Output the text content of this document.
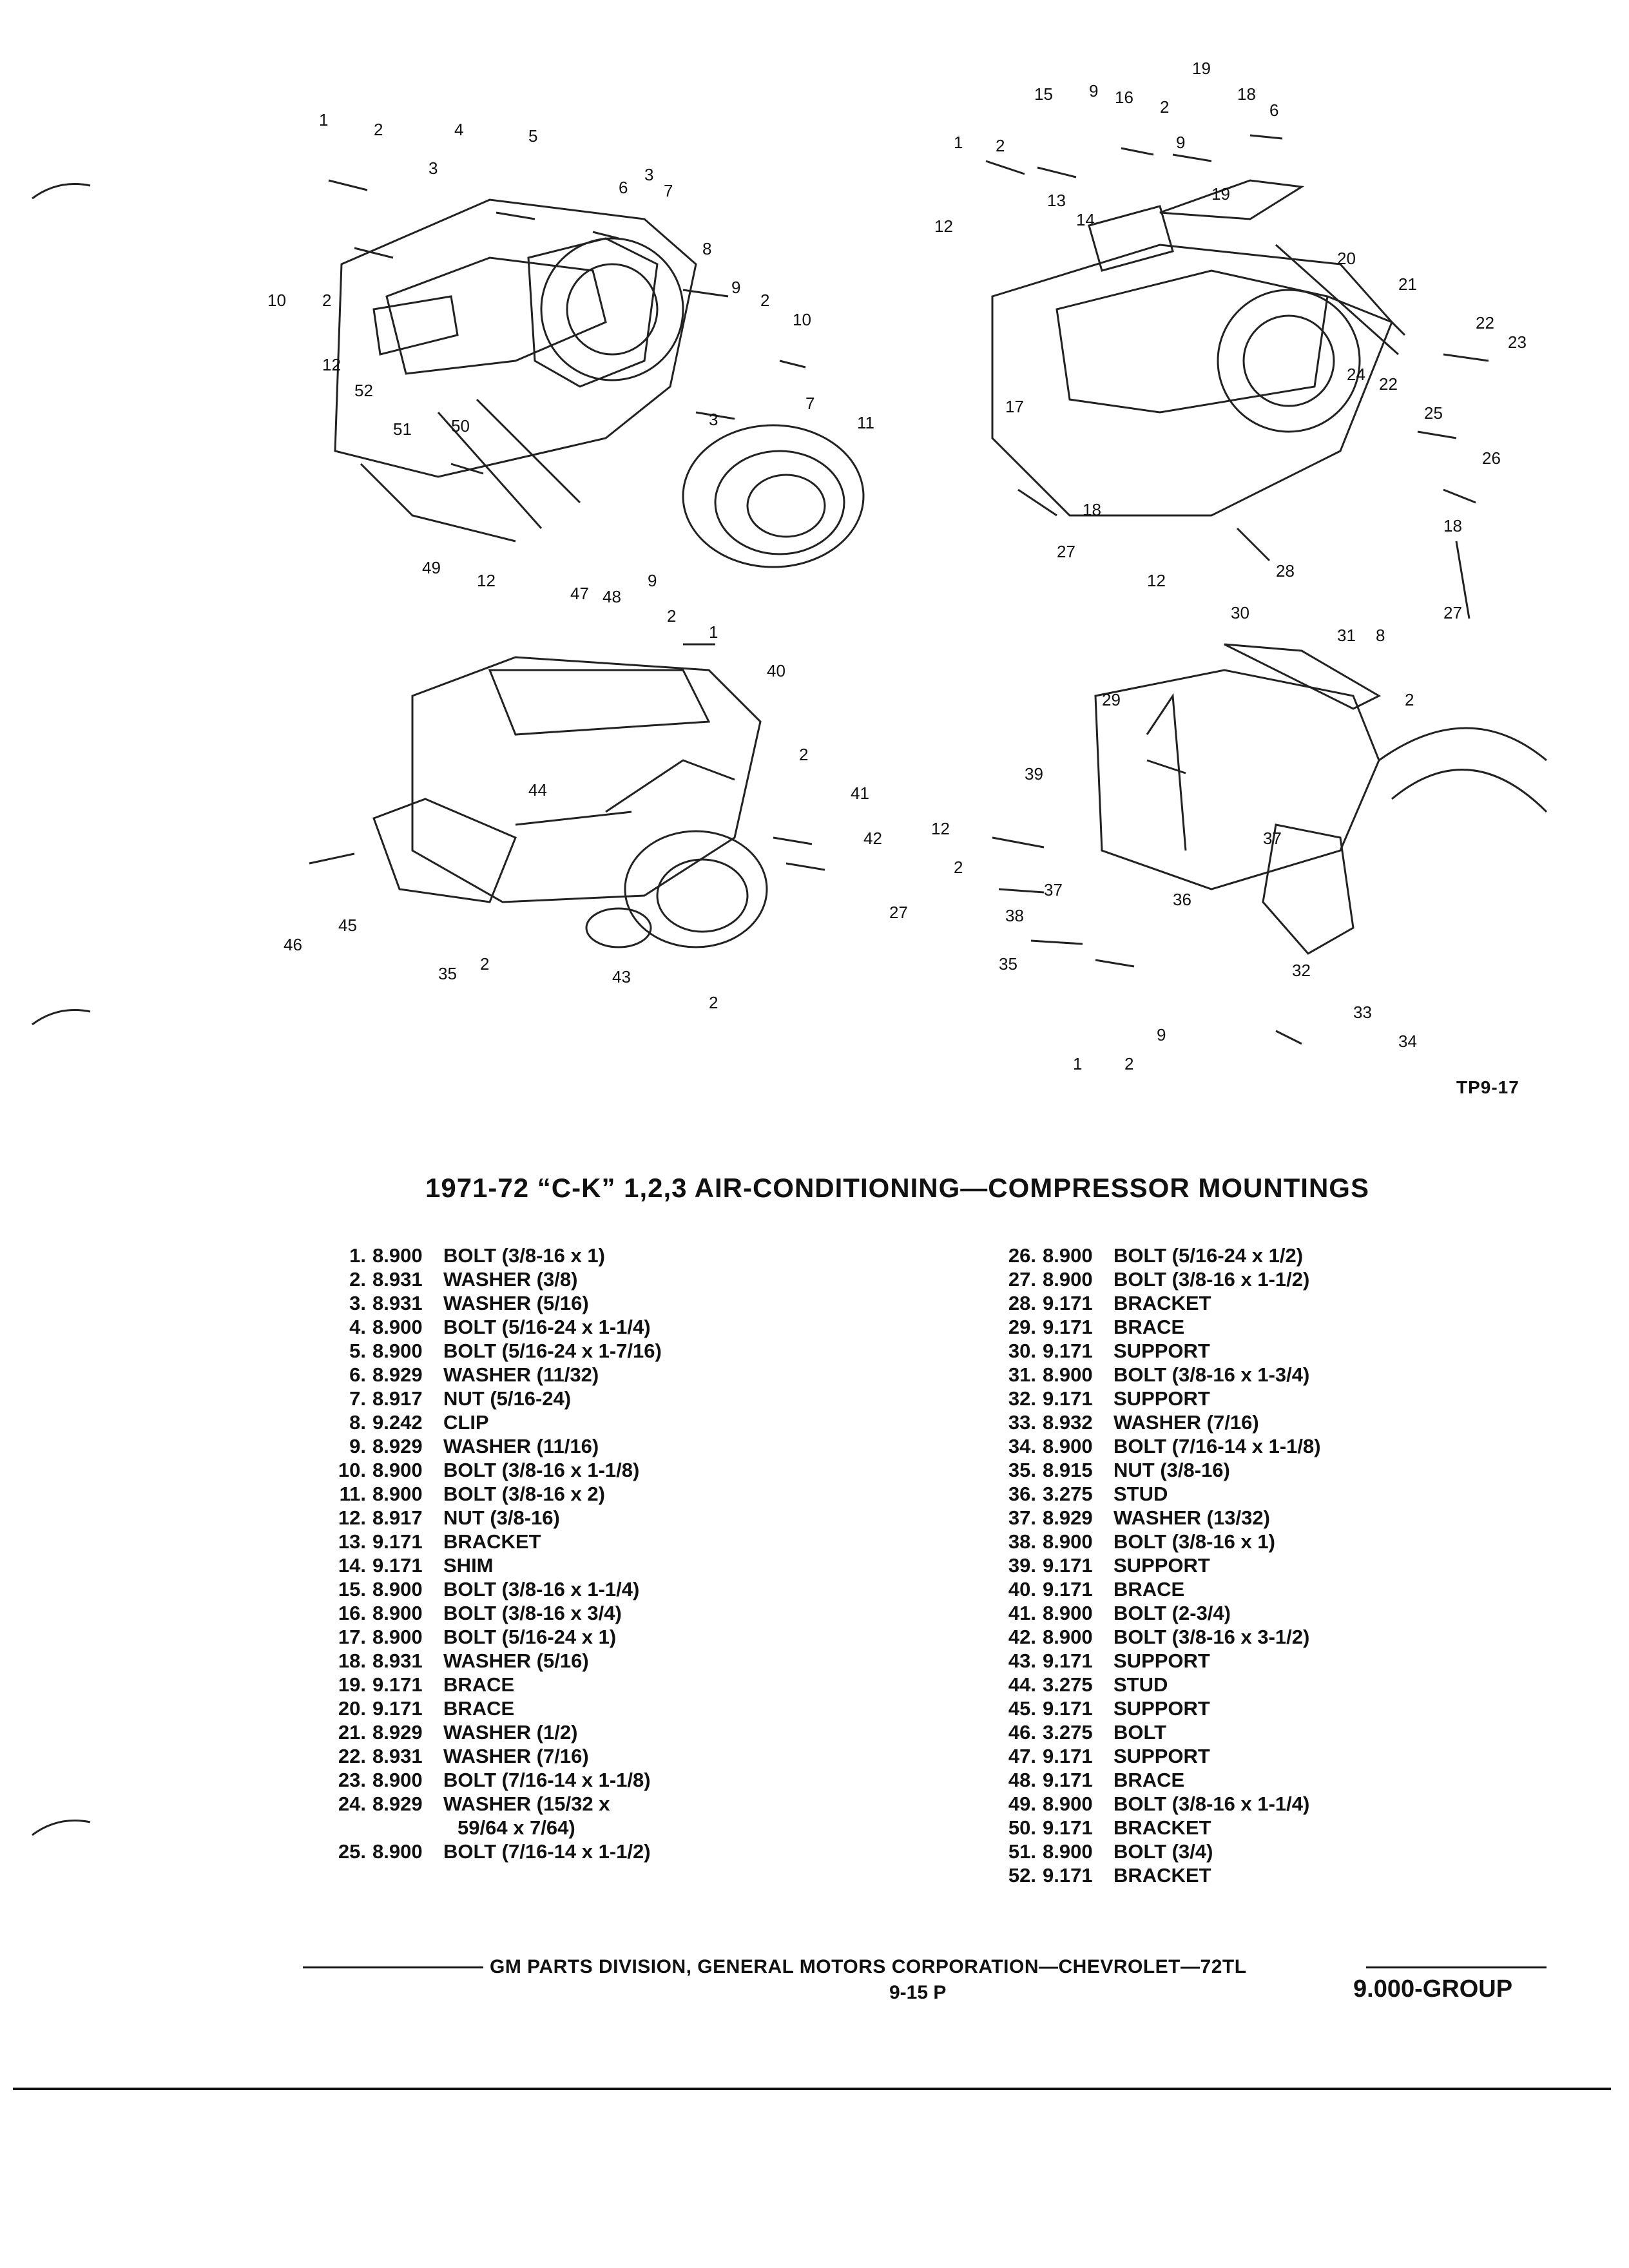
1	2
3
4	5
6
3
7
8
9
2
10
10 2
12
52
51 50	3
7
11
49
12
19
15 9 16 2
18
6
1 2	9
13
14
19
12
20
21
22
23
17
24 22
25
26
18
18
27
12	28
27
8
47 48
9
2
1
40
2
41
42
44
46
45
35 2
43
2
30
31
2
29
39
12	37
2
37	36
27	38
35	32
1	2
9
33
34
TP9-17
1971-72 “C-K” 1,2,3 AIR-CONDITIONING—COMPRESSOR MOUNTINGS
1. 8.900	BOLT (3/8-16 x 1)
2. 8.931	WASHER (3/8)
3. 8.931	WASHER (5/16)
4. 8.900	BOLT (5/16-24 x 1-1/4)
5. 8.900	BOLT (5/16-24 x 1-7/16)
6. 8.929	WASHER (11/32)
7. 8.917	NUT (5/16-24)
8. 9.242	CLIP
9. 8.929	WASHER (11/16)
10. 8.900	BOLT (3/8-16 x 1-1/8)
11. 8.900	BOLT (3/8-16 x 2)
12. 8.917	NUT (3/8-16)
13. 9.171	BRACKET
14. 9.171	SHIM
15. 8.900	BOLT (3/8-16 x 1-1/4)
16. 8.900	BOLT (3/8-16 x 3/4)
17. 8.900	BOLT (5/16-24 x 1)
18. 8.931	WASHER (5/16)
19. 9.171	BRACE
20. 9.171	BRACE
21. 8.929	WASHER (1/2)
22. 8.931	WASHER (7/16)
23. 8.900	BOLT (7/16-14 x 1-1/8)
24. 8.929	WASHER (15/32 x
59/64 x 7/64)
25. 8.900	BOLT (7/16-14 x 1-1/2)
26. 8.900	BOLT (5/16-24 x 1/2)
27. 8.900	BOLT (3/8-16 x 1-1/2)
28. 9.171	BRACKET
29. 9.171	BRACE
30. 9.171	SUPPORT
31. 8.900	BOLT (3/8-16 x 1-3/4)
32. 9.171	SUPPORT
33. 8.932	WASHER (7/16)
34. 8.900	BOLT (7/16-14 x 1-1/8)
35. 8.915	NUT (3/8-16)
36. 3.275	STUD
37. 8.929	WASHER (13/32)
38. 8.900	BOLT (3/8-16 x 1)
39. 9.171	SUPPORT
40. 9.171	BRACE
41. 8.900	BOLT (2-3/4)
42. 8.900	BOLT (3/8-16 x 3-1/2)
43. 9.171	SUPPORT
44. 3.275	STUD
45. 9.171	SUPPORT
46. 3.275	BOLT
47. 9.171	SUPPORT
48. 9.171	BRACE
49. 8.900	BOLT (3/8-16 x 1-1/4)
50. 9.171	BRACKET
51. 8.900	BOLT (3/4)
52. 9.171	BRACKET
GM PARTS DIVISION, GENERAL MOTORS CORPORATION—CHEVROLET—72TL
9-15 P	9.000-GROUP
